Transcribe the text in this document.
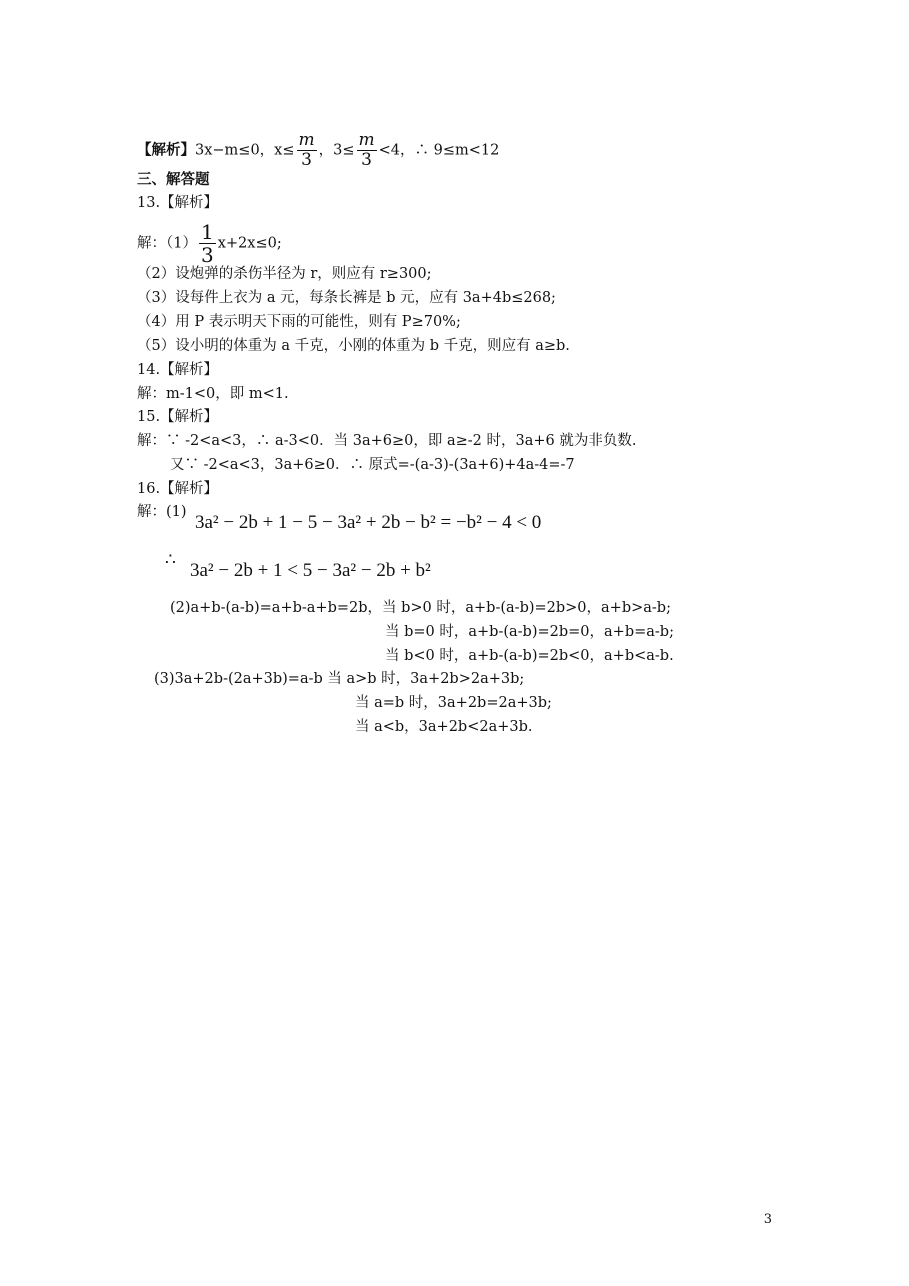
【解析】3x−m≤0，$x\le \frac{m}{3}$ ，$3\le \frac{m}{3} <4$，∴ 9≤m<12
三、解答题
13.【解析】
解：$(1) \frac{1}{3} x+2x\le 0$;
（2）设炮弹的杀伤半径为 r，则应有 r≥300;
（3）设每件上衣为 a 元，每条长裤是 b 元，应有 3a+4b≤268;
（4）用 P 表示明天下雨的可能性，则有 P≥70%;
（5）设小明的体重为 a 千克，小刚的体重为 b 千克，则应有 a≥b.
14.【解析】
解：m-1<0，即 m<1.
15.【解析】
解：∵ -2<a<3，∴ a-3<0．当 3a+6≥0，即 a≥-2 时，3a+6 就为非负数.
又∵ -2<a<3，3a+6≥0．∴ 原式=-(a-3)-(3a+6)+4a-4=-7
16.【解析】
解：(1) 3a² − 2b + 1 − 5 − 3a² + 2b − b² = −b² − 4 < 0
∴ 3a² − 2b + 1 < 5 − 3a² − 2b + b²
(2)a+b-(a-b)=a+b-a+b=2b，当 b>0 时，a+b-(a-b)=2b>0，a+b>a-b;
当 b=0 时，a+b-(a-b)=2b=0，a+b=a-b;
当 b<0 时，a+b-(a-b)=2b<0，a+b<a-b.
(3)3a+2b-(2a+3b)=a-b 当 a>b 时，3a+2b>2a+3b;
当 a=b 时，3a+2b=2a+3b;
当 a<b，3a+2b<2a+3b.
3
